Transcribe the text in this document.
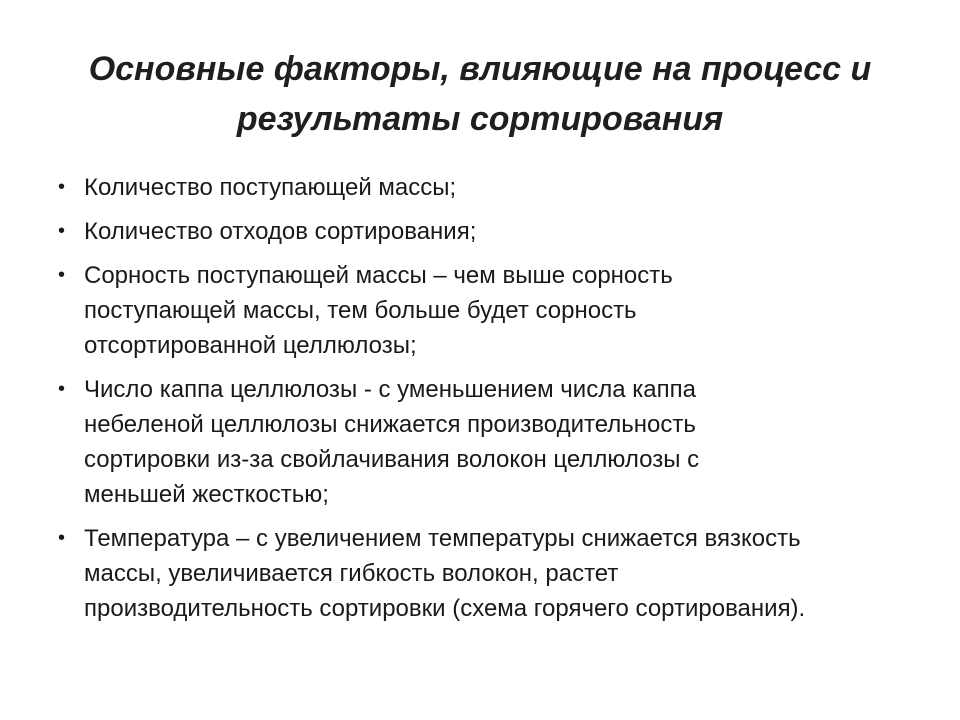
Основные факторы, влияющие на процесс и
результаты сортирования
• Количество поступающей массы;
• Количество отходов сортирования;
• Сорность поступающей массы – чем выше сорность
поступающей массы, тем больше будет сорность
отсортированной целлюлозы;
• Число каппа целлюлозы - с уменьшением числа каппа
небеленой целлюлозы снижается производительность
сортировки из-за свойлачивания волокон целлюлозы с
меньшей жесткостью;
• Температура – с увеличением температуры снижается вязкость
массы, увеличивается гибкость волокон, растет
производительность сортировки (схема горячего сортирования).
